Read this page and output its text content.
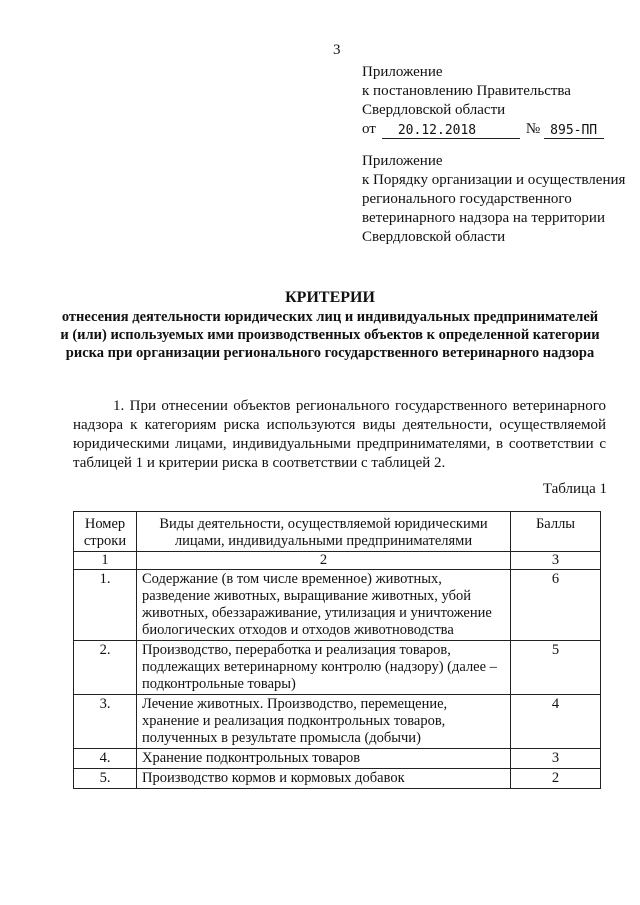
3
Приложение
к постановлению Правительства
Свердловской области
от	20.12.2018	№ 895-ПП
Приложение
к Порядку организации и осуществления регионального государственного ветеринарного надзора на территории Свердловской области
КРИТЕРИИ
отнесения деятельности юридических лиц и индивидуальных предпринимателей и (или) используемых ими производственных объектов к определенной категории риска при организации регионального государственного ветеринарного надзора
1. При отнесении объектов регионального государственного ветеринарного надзора к категориям риска используются виды деятельности, осуществляемой юридическими лицами, индивидуальными предпринимателями, в соответствии с таблицей 1 и критерии риска в соответствии с таблицей 2.
Таблица 1
Номер строки	Виды деятельности, осуществляемой юридическими лицами, индивидуальными предпринимателями	Баллы
1	2	3
1.	Содержание (в том числе временное) животных, разведение животных, выращивание животных, убой животных, обеззараживание, утилизация и уничтожение биологических отходов и отходов животноводства	6
2.	Производство, переработка и реализация товаров, подлежащих ветеринарному контролю (надзору) (далее – подконтрольные товары)	5
3.	Лечение животных. Производство, перемещение, хранение и реализация подконтрольных товаров, полученных в результате промысла (добычи)	4
4.	Хранение подконтрольных товаров	3
5.	Производство кормов и кормовых добавок	2
